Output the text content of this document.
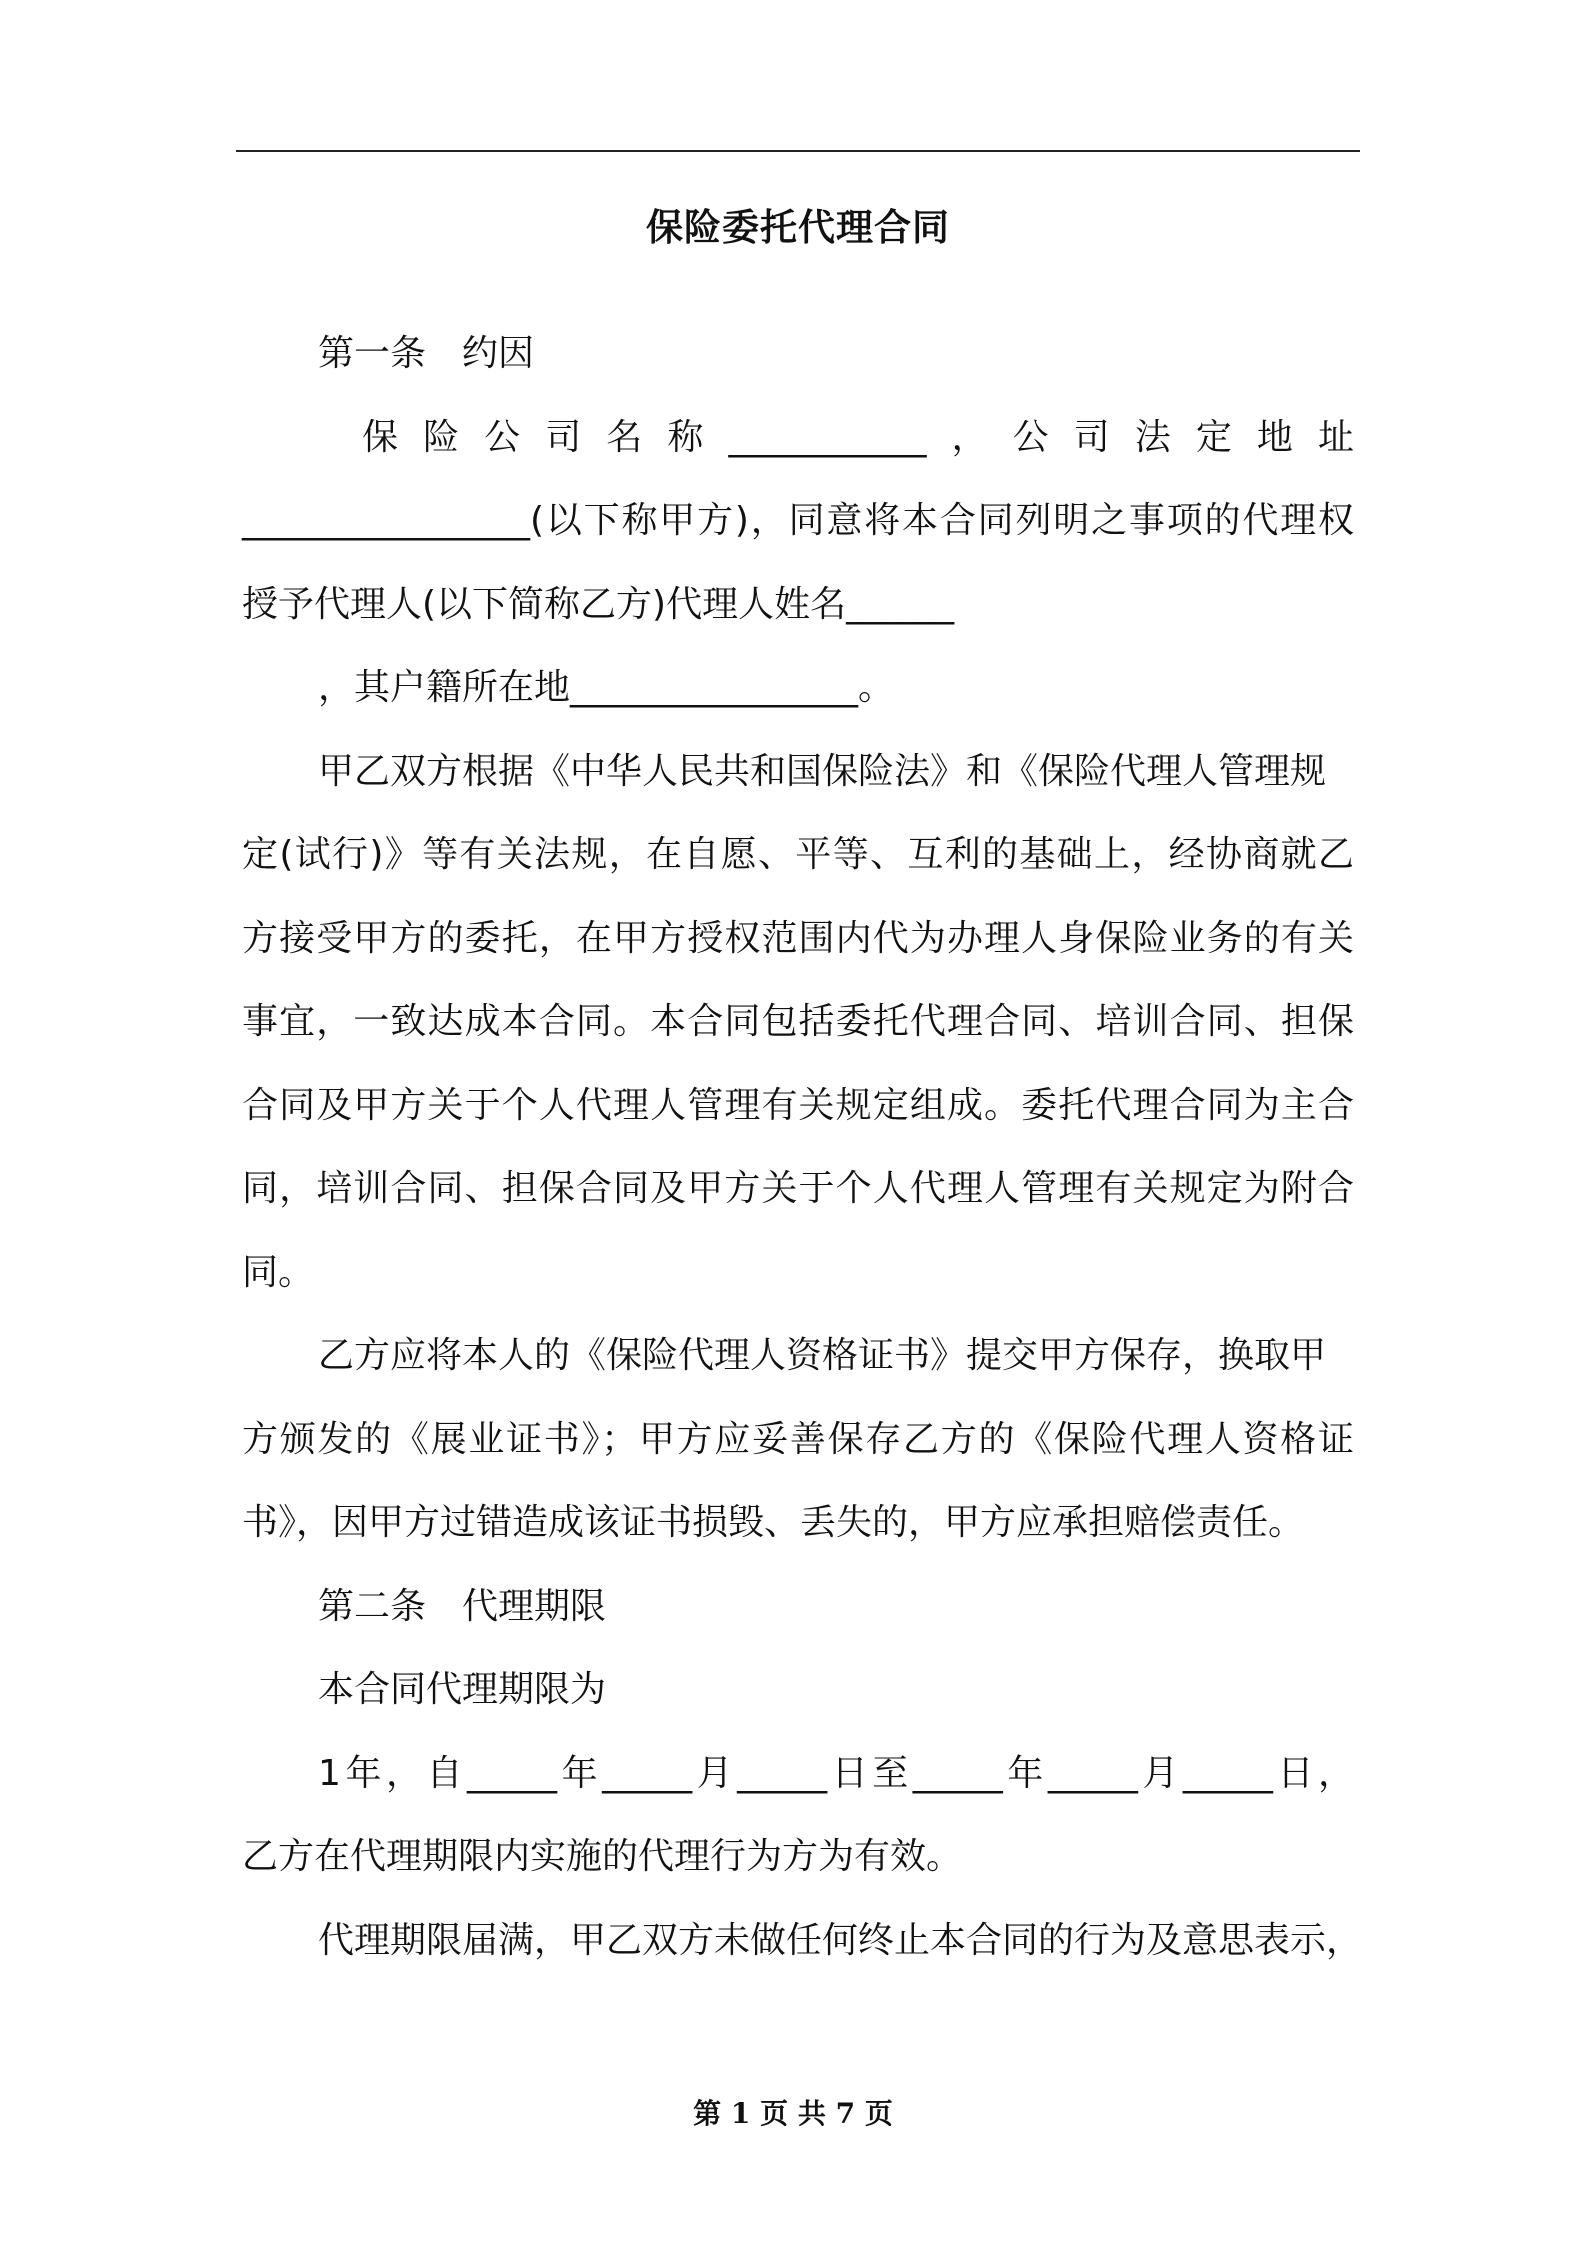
保险委托代理合同
第一条　约因
保险公司名称___________，公司法定地址
________________(以下称甲方)，同意将本合同列明之事项的代理权
授予代理人(以下简称乙方)代理人姓名______
，其户籍所在地________________。
甲乙双方根据《中华人民共和国保险法》和《保险代理人管理规
定(试行)》等有关法规，在自愿、平等、互利的基础上，经协商就乙
方接受甲方的委托，在甲方授权范围内代为办理人身保险业务的有关
事宜，一致达成本合同。本合同包括委托代理合同、培训合同、担保
合同及甲方关于个人代理人管理有关规定组成。委托代理合同为主合
同，培训合同、担保合同及甲方关于个人代理人管理有关规定为附合
同。
乙方应将本人的《保险代理人资格证书》提交甲方保存，换取甲
方颁发的《展业证书》；甲方应妥善保存乙方的《保险代理人资格证
书》，因甲方过错造成该证书损毁、丢失的，甲方应承担赔偿责任。
第二条　代理期限
本合同代理期限为
1年，自_____年_____月_____日至_____年_____月_____日，
乙方在代理期限内实施的代理行为方为有效。
代理期限届满，甲乙双方未做任何终止本合同的行为及意思表示，
第 1 页 共 7 页
